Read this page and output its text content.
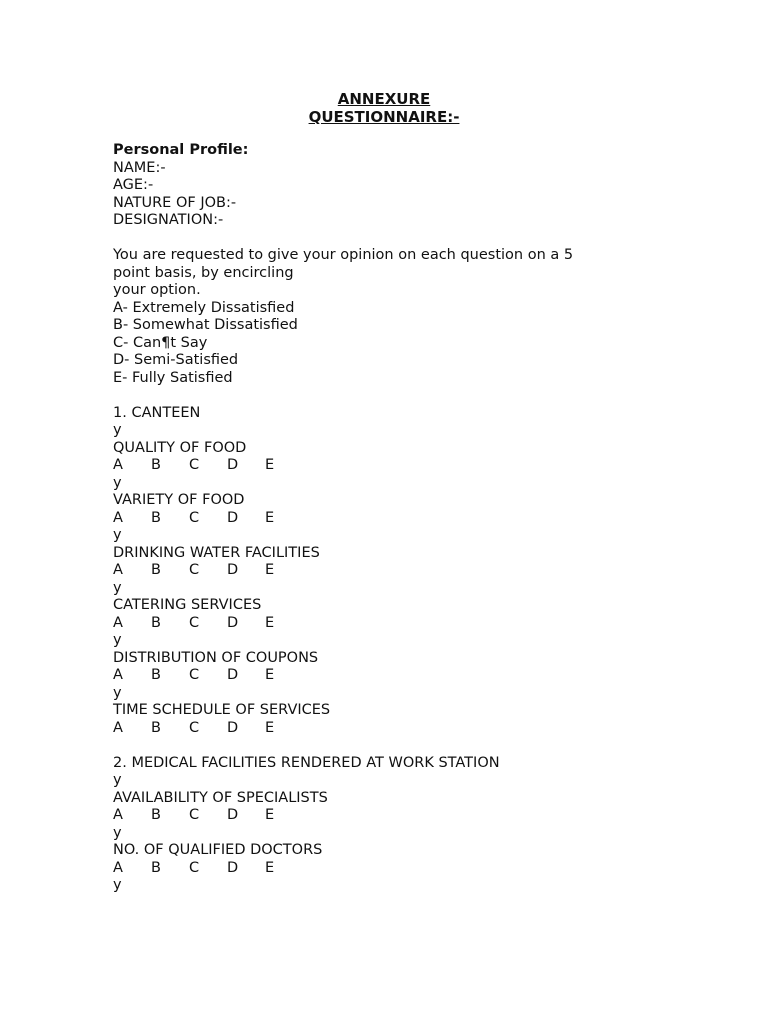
ANNEXURE
QUESTIONNAIRE:-
Personal Profile:
NAME:-
AGE:-
NATURE OF JOB:-
DESIGNATION:-
You are requested to give your opinion on each question on a 5
point basis, by encircling
your option.
A- Extremely Dissatisfied
B- Somewhat Dissatisfied
C- Can¶t Say
D- Semi-Satisfied
E- Fully Satisfied
1. CANTEEN
y
QUALITY OF FOOD
A	B	C	D	E
y
VARIETY OF FOOD
A	B	C	D	E
y
DRINKING WATER FACILITIES
A	B	C	D	E
y
CATERING SERVICES
A	B	C	D	E
y
DISTRIBUTION OF COUPONS
A	B	C	D	E
y
TIME SCHEDULE OF SERVICES
A	B	C	D	E
2. MEDICAL FACILITIES RENDERED AT WORK STATION
y
AVAILABILITY OF SPECIALISTS
A	B	C	D	E
y
NO. OF QUALIFIED DOCTORS
A	B	C	D	E
y
